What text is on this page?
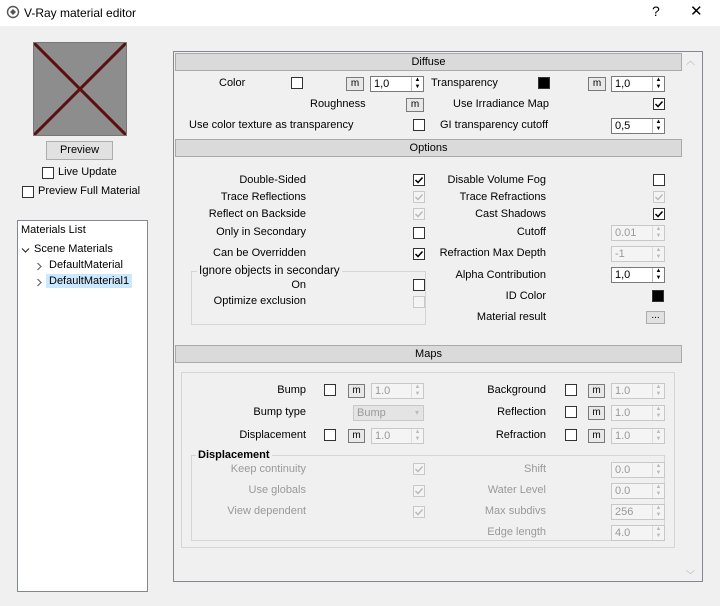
V-Ray material editor	? ✕
Preview
Live Update
Preview Full Material
Materials List
Scene Materials
DefaultMaterial
DefaultMaterial1
︿
﹀
Diffuse
Color	m	1,0	▲
▼ Transparency	m	1,0	▲
▼
Roughness	m	Use Irradiance Map
Use color texture as transparency	GI transparency cutoff	0,5	▲
▼
Options
Double-Sided
Trace Reflections
Reflect on Backside
Only in Secondary
Can be Overridden
Disable Volume Fog
Trace Refractions
Cast Shadows
Cutoff	0.01	▲
▼
Refraction Max Depth	-1	▲
▼
Alpha Contribution	1,0	▲
▼
ID Color
Material result	...
Ignore objects in secondary
On
Optimize exclusion
Maps
Bump	m	1.0	▲
▼
Bump type	Bump	▾
Displacement	m	1.0	▲
▼
Background	m	1.0	▲
▼
Reflection	m	1.0	▲
▼
Refraction	m	1.0	▲
▼
Displacement
Keep continuity
Use globals
View dependent
Shift	0.0	▲
▼
Water Level	0.0	▲
▼
Max subdivs	256	▲
▼
Edge length	4.0	▲
▼
